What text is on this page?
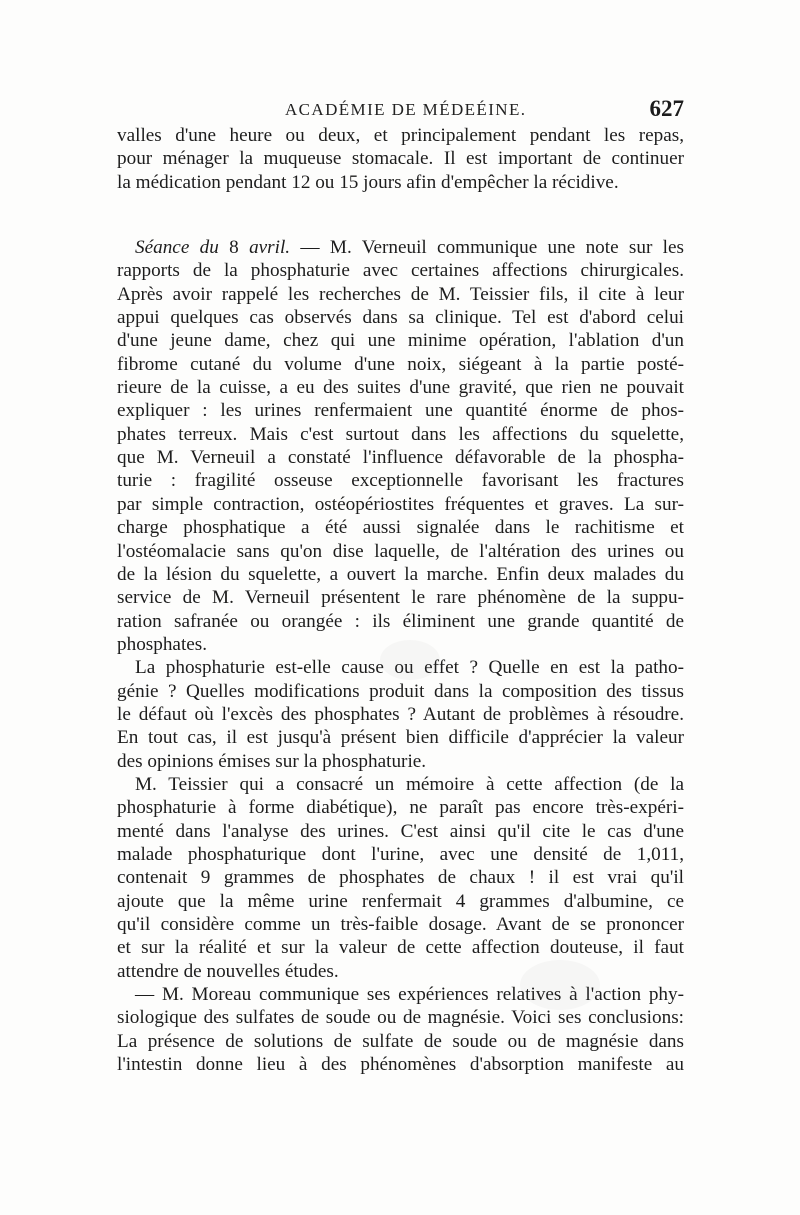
ACADÉMIE DE MÉDEÉINE.	627
valles d'une heure ou deux, et principalement pendant les repas,
pour ménager la muqueuse stomacale. Il est important de continuer
la médication pendant 12 ou 15 jours afin d'empêcher la récidive.
Séance du 8 avril. — M. Verneuil communique une note sur les
rapports de la phosphaturie avec certaines affections chirurgicales.
Après avoir rappelé les recherches de M. Teissier fils, il cite à leur
appui quelques cas observés dans sa clinique. Tel est d'abord celui
d'une jeune dame, chez qui une minime opération, l'ablation d'un
fibrome cutané du volume d'une noix, siégeant à la partie posté-
rieure de la cuisse, a eu des suites d'une gravité, que rien ne pouvait
expliquer : les urines renfermaient une quantité énorme de phos-
phates terreux. Mais c'est surtout dans les affections du squelette,
que M. Verneuil a constaté l'influence défavorable de la phospha-
turie : fragilité osseuse exceptionnelle favorisant les fractures
par simple contraction, ostéopériostites fréquentes et graves. La sur-
charge phosphatique a été aussi signalée dans le rachitisme et
l'ostéomalacie sans qu'on dise laquelle, de l'altération des urines ou
de la lésion du squelette, a ouvert la marche. Enfin deux malades du
service de M. Verneuil présentent le rare phénomène de la suppu-
ration safranée ou orangée : ils éliminent une grande quantité de
phosphates.
La phosphaturie est-elle cause ou effet ? Quelle en est la patho-
génie ? Quelles modifications produit dans la composition des tissus
le défaut où l'excès des phosphates ? Autant de problèmes à résoudre.
En tout cas, il est jusqu'à présent bien difficile d'apprécier la valeur
des opinions émises sur la phosphaturie.
M. Teissier qui a consacré un mémoire à cette affection (de la
phosphaturie à forme diabétique), ne paraît pas encore très-expéri-
menté dans l'analyse des urines. C'est ainsi qu'il cite le cas d'une
malade phosphaturique dont l'urine, avec une densité de 1,011,
contenait 9 grammes de phosphates de chaux ! il est vrai qu'il
ajoute que la même urine renfermait 4 grammes d'albumine, ce
qu'il considère comme un très-faible dosage. Avant de se prononcer
et sur la réalité et sur la valeur de cette affection douteuse, il faut
attendre de nouvelles études.
— M. Moreau communique ses expériences relatives à l'action phy-
siologique des sulfates de soude ou de magnésie. Voici ses conclusions:
La présence de solutions de sulfate de soude ou de magnésie dans
l'intestin donne lieu à des phénomènes d'absorption manifeste au
